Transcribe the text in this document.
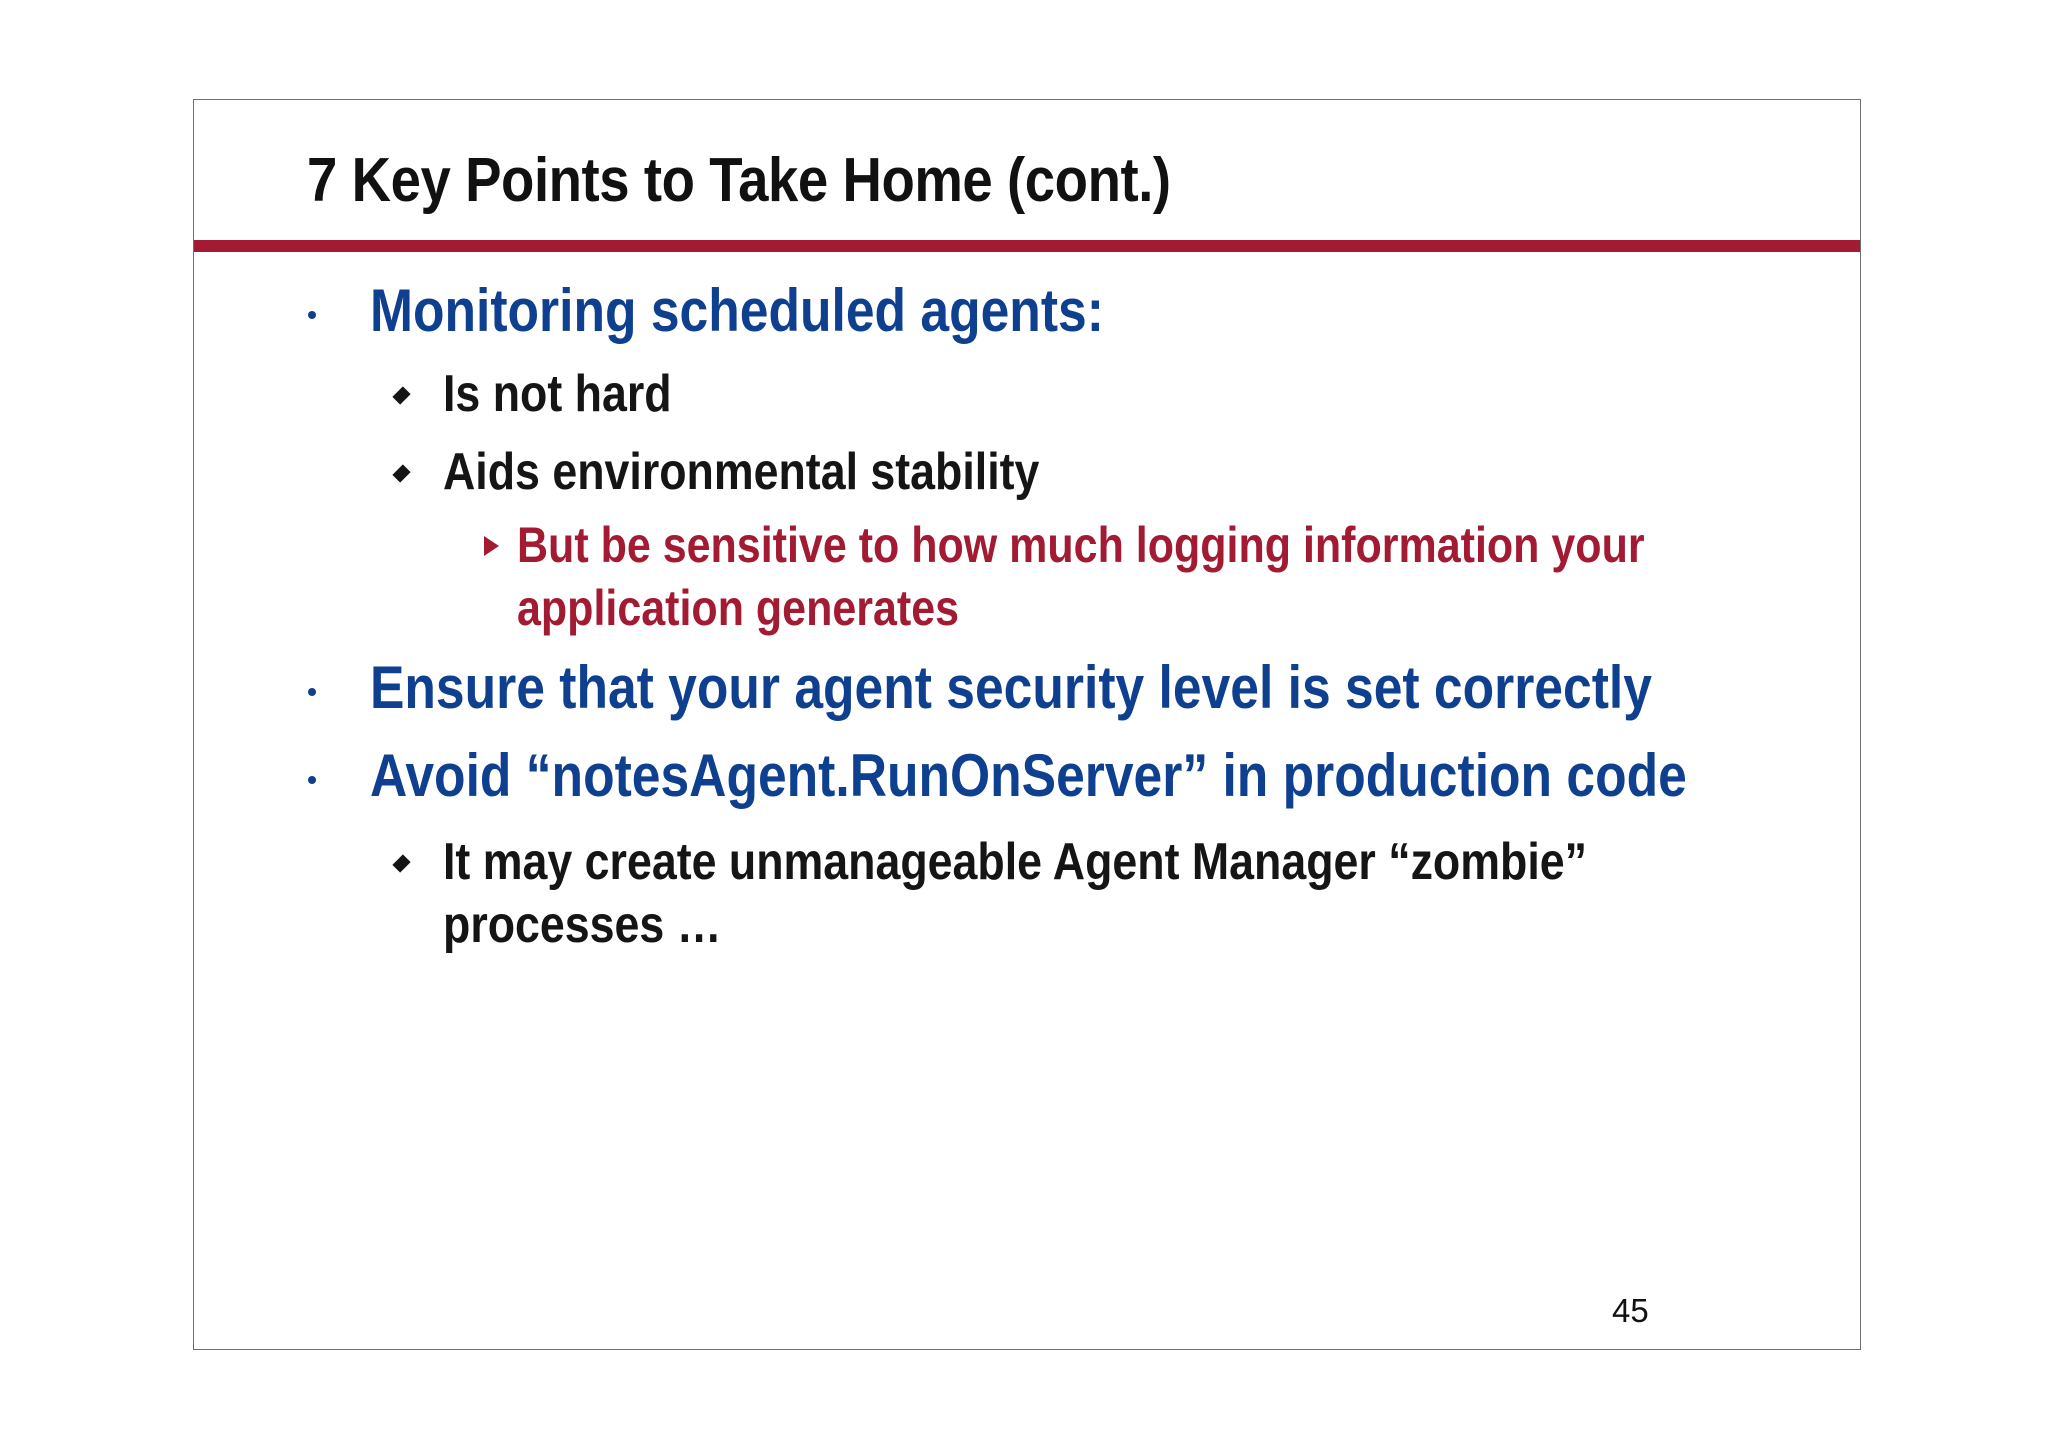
7 Key Points to Take Home (cont.)
Monitoring scheduled agents:
Is not hard
Aids environmental stability
But be sensitive to how much logging information your
application generates
Ensure that your agent security level is set correctly
Avoid “notesAgent.RunOnServer” in production code
It may create unmanageable Agent Manager “zombie”
processes …
45
